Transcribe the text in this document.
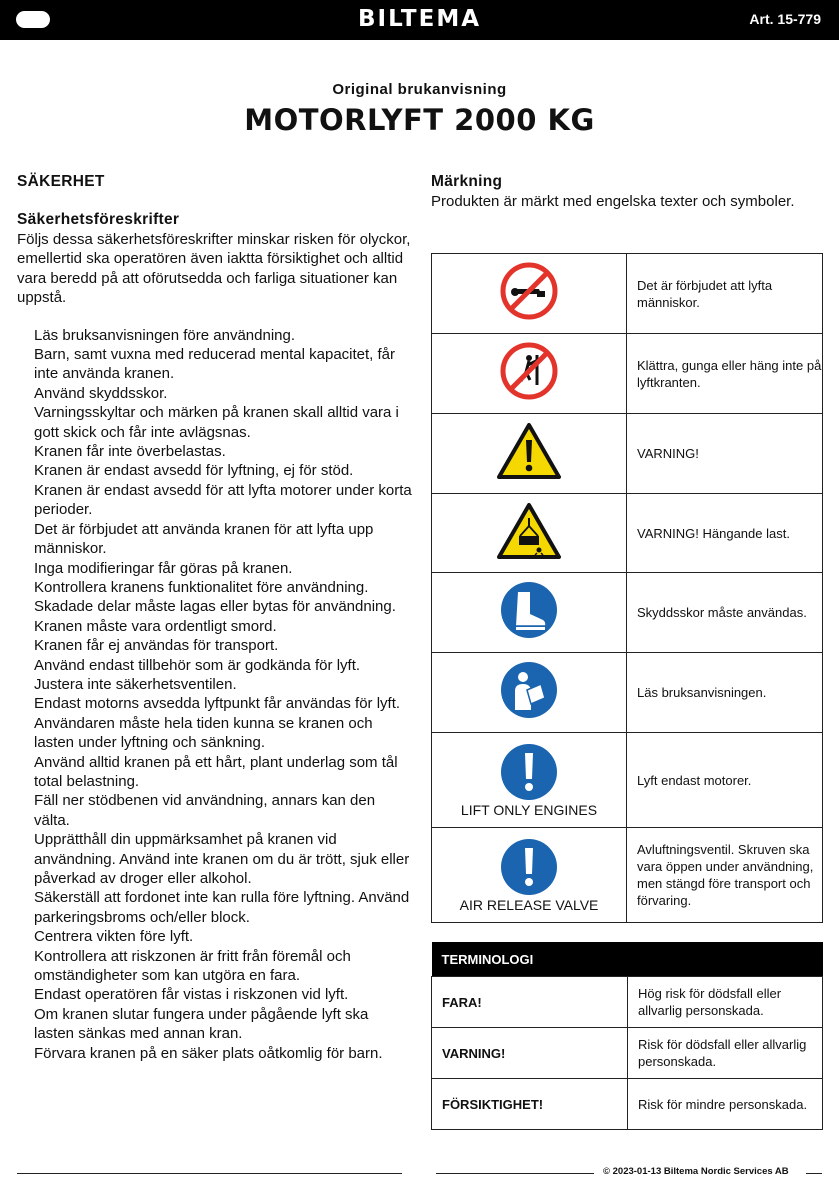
BILTEMA	Art. 15-779
Original brukanvisning
MOTORLYFT 2000 KG
SÄKERHET
Säkerhetsföreskrifter

Följs dessa säkerhetsföreskrifter minskar risken för olyckor, emellertid ska operatören även iaktta försiktighet och alltid vara beredd på att oförutsedda och farliga situationer kan uppstå.

Läs bruksanvisningen före användning.
Barn, samt vuxna med reducerad mental kapacitet, får inte använda kranen.
Använd skyddsskor.
Varningsskyltar och märken på kranen skall alltid vara i gott skick och får inte avlägsnas.
Kranen får inte överbelastas.
Kranen är endast avsedd för lyftning, ej för stöd.
Kranen är endast avsedd för att lyfta motorer under korta perioder.
Det är förbjudet att använda kranen för att lyfta upp människor.
Inga modifieringar får göras på kranen.
Kontrollera kranens funktionalitet före användning.
Skadade delar måste lagas eller bytas för användning. Kranen måste vara ordentligt smord.
Kranen får ej användas för transport.
Använd endast tillbehör som är godkända för lyft.
Justera inte säkerhetsventilen.
Endast motorns avsedda lyftpunkt får användas för lyft.
Användaren måste hela tiden kunna se kranen och lasten under lyftning och sänkning.
Använd alltid kranen på ett hårt, plant underlag som tål total belastning.
Fäll ner stödbenen vid användning, annars kan den välta.
Upprätthåll din uppmärksamhet på kranen vid användning. Använd inte kranen om du är trött, sjuk eller påverkad av droger eller alkohol.
Säkerställ att fordonet inte kan rulla före lyftning. Använd parkeringsbroms och/eller block.
Centrera vikten före lyft.
Kontrollera att riskzonen är fritt från föremål och omständigheter som kan utgöra en fara.
Endast operatören får vistas i riskzonen vid lyft.
Om kranen slutar fungera under pågående lyft ska lasten sänkas med annan kran.
Förvara kranen på en säker plats oåtkomlig för barn.
Märkning

Produkten är märkt med engelska texter och symboler.

	Det är förbjudet att lyfta människor.
	Klättra, gunga eller häng inte på lyftkranten.
	VARNING!
	VARNING! Hängande last.
	Skyddsskor måste användas.
	Läs bruksanvisningen.

LIFT ONLY ENGINES	Lyft endast motorer.

AIR RELEASE VALVE	Avluftningsventil. Skruven ska vara öppen under användning, men stängd före transport och förvaring.
TERMINOLOGI	
FARA!	Hög risk för dödsfall eller allvarlig personskada.
VARNING!	Risk för dödsfall eller allvarlig personskada.
FÖRSIKTIGHET!	Risk för mindre personskada.
© 2023-01-13 Biltema Nordic Services AB
